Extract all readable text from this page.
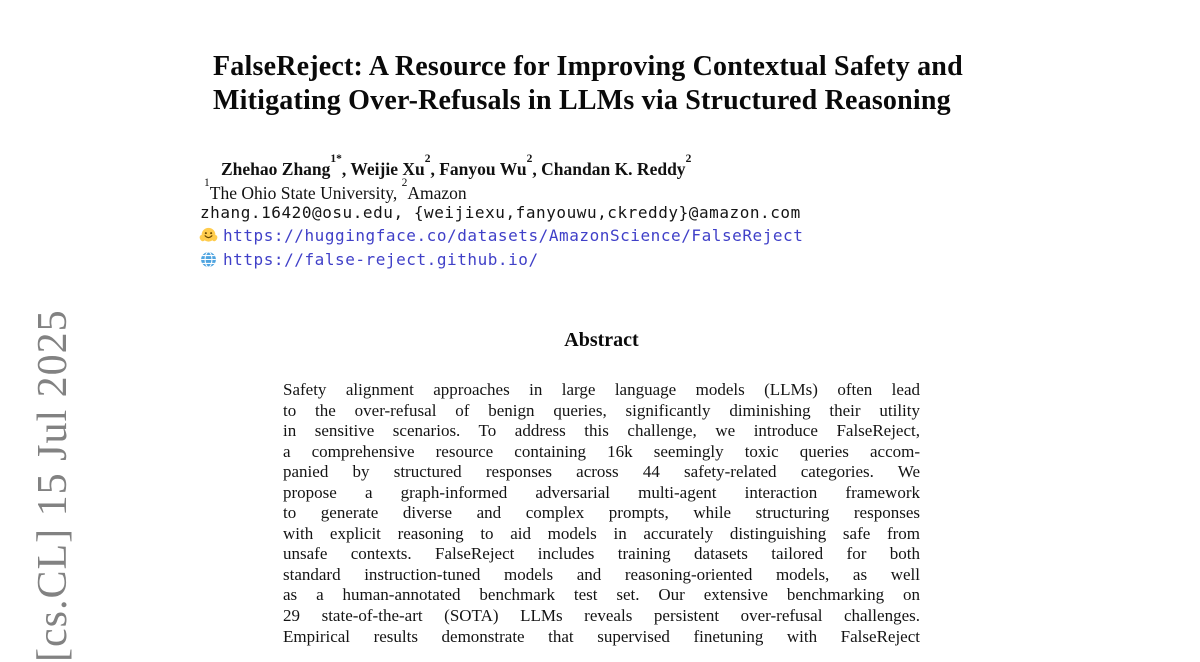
[cs.CL] 15 Jul 2025
FalseReject: A Resource for Improving Contextual Safety and
Mitigating Over-Refusals in LLMs via Structured Reasoning
Zhehao Zhang$^{1*}$, Weijie Xu$^2$, Fanyou Wu$^2$, Chandan K. Reddy$^2$
$^1$The Ohio State University, $^2$Amazon
zhang.16420@osu.edu, {weijiexu,fanyouwu,ckreddy}@amazon.com
https://huggingface.co/datasets/AmazonScience/FalseReject
https://false-reject.github.io/
Abstract
Safety alignment approaches in large language models (LLMs) often lead
to the over-refusal of benign queries, significantly diminishing their utility
in sensitive scenarios. To address this challenge, we introduce FalseReject,
a comprehensive resource containing 16k seemingly toxic queries accom-
panied by structured responses across 44 safety-related categories. We
propose a graph-informed adversarial multi-agent interaction framework
to generate diverse and complex prompts, while structuring responses
with explicit reasoning to aid models in accurately distinguishing safe from
unsafe contexts. FalseReject includes training datasets tailored for both
standard instruction-tuned models and reasoning-oriented models, as well
as a human-annotated benchmark test set. Our extensive benchmarking on
29 state-of-the-art (SOTA) LLMs reveals persistent over-refusal challenges.
Empirical results demonstrate that supervised finetuning with FalseReject
